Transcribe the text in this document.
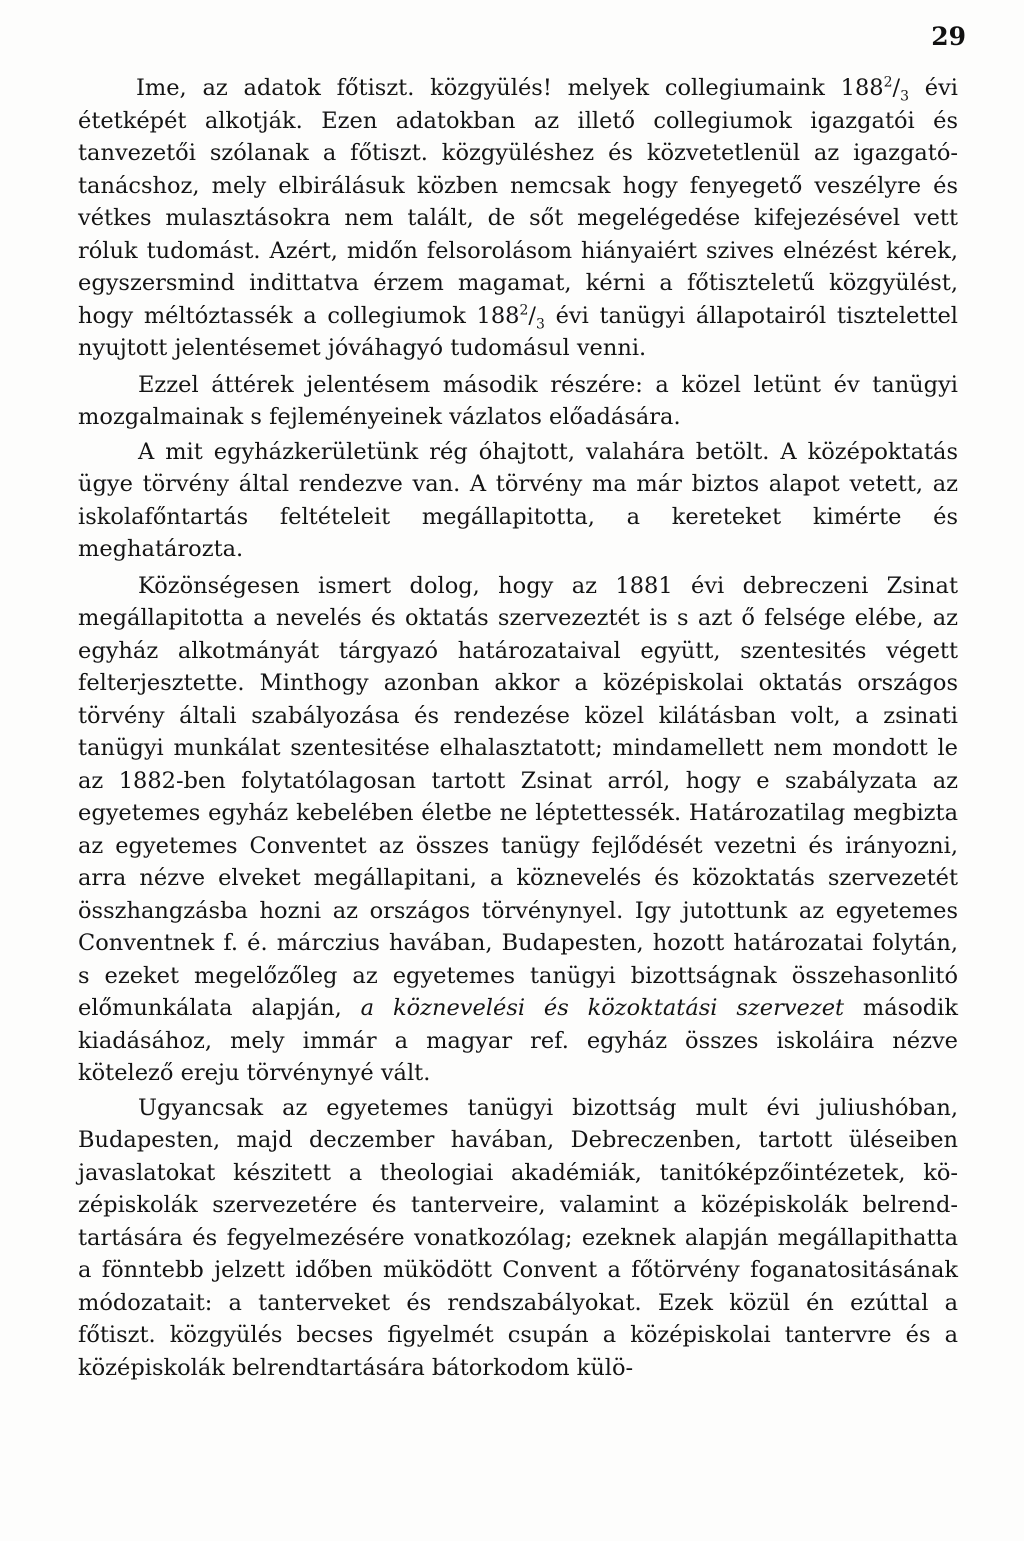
29

Ime, az adatok főtiszt. közgyülés! melyek collegiumaink $188^2/_3$ évi étetképét alkotják. Ezen adatokban az illető collegiumok igazgatói és tanvezetői szólanak a főtiszt. közgyüléshez és közvetetlenül az igazgató-tanácshoz, mely elbirálásuk közben nemcsak hogy fenyegető veszélyre és vétkes mulasztásokra nem talált, de sőt megelégedése kifejezésével vett róluk tudomást. Azért, midőn felsorolásom hiányaiért szives elnézést kérek, egyszersmind indittatva érzem magamat, kérni a főtiszteletű közgyülést, hogy méltóztassék a collegiumok $188^2/_3$ évi tanügyi állapotairól tisztelettel nyujtott jelentésemet jóváhagyó tudomásul venni.

Ezzel áttérek jelentésem második részére: a közel letünt év tanügyi mozgalmainak s fejleményeinek vázlatos előadására.

A mit egyházkerületünk rég óhajtott, valahára betölt. A középoktatás ügye törvény által rendezve van. A törvény ma már biztos alapot vetett, az iskolafőntartás feltételeit megállapitotta, a kereteket kimérte és meghatározta.

Közönségesen ismert dolog, hogy az 1881 évi debreczeni Zsinat megállapitotta a nevelés és oktatás szervezeztét is s azt ő felsége elébe, az egyház alkotmányát tárgyazó határozataival együtt, szentesités végett felterjesztette. Minthogy azonban akkor a középiskolai oktatás országos törvény általi szabályozása és rendezése közel kilátásban volt, a zsinati tanügyi munkálat szentesitése elhalasztatott; mindamellett nem mondott le az 1882-ben folytatólagosan tartott Zsinat arról, hogy e szabályzata az egyetemes egyház kebelében életbe ne léptettessék. Határozatilag megbizta az egyetemes Conventet az összes tanügy fejlődését vezetni és irányozni, arra nézve elveket megállapitani, a köznevelés és közoktatás szervezetét összhangzásba hozni az országos törvénynyel. Igy jutottunk az egyetemes Conventnek f. é. márczius havában, Budapesten, hozott határozatai folytán, s ezeket megelőzőleg az egyetemes tanügyi bizottságnak összehasonlitó előmunkálata alapján, a köznevelési és közoktatási szervezet második kiadásához, mely immár a magyar ref. egyház összes iskoláira nézve kötelező ereju törvénynyé vált.

Ugyancsak az egyetemes tanügyi bizottság mult évi juliushóban, Budapesten, majd deczember havában, Debreczenben, tartott üléseiben javaslatokat készitett a theologiai akadémiák, tanitóképzőintézetek, középiskolák szervezetére és tanterveire, valamint a középiskolák belrendtartására és fegyelmezésére vonatkozólag; ezeknek alapján megállapithatta a fönntebb jelzett időben müködött Convent a főtörvény foganatositásának módozatait: a tanterveket és rendszabályokat. Ezek közül én ezúttal a főtiszt. közgyülés becses figyelmét csupán a középiskolai tantervre és a középiskolák belrendtartására bátorkodom külö-
